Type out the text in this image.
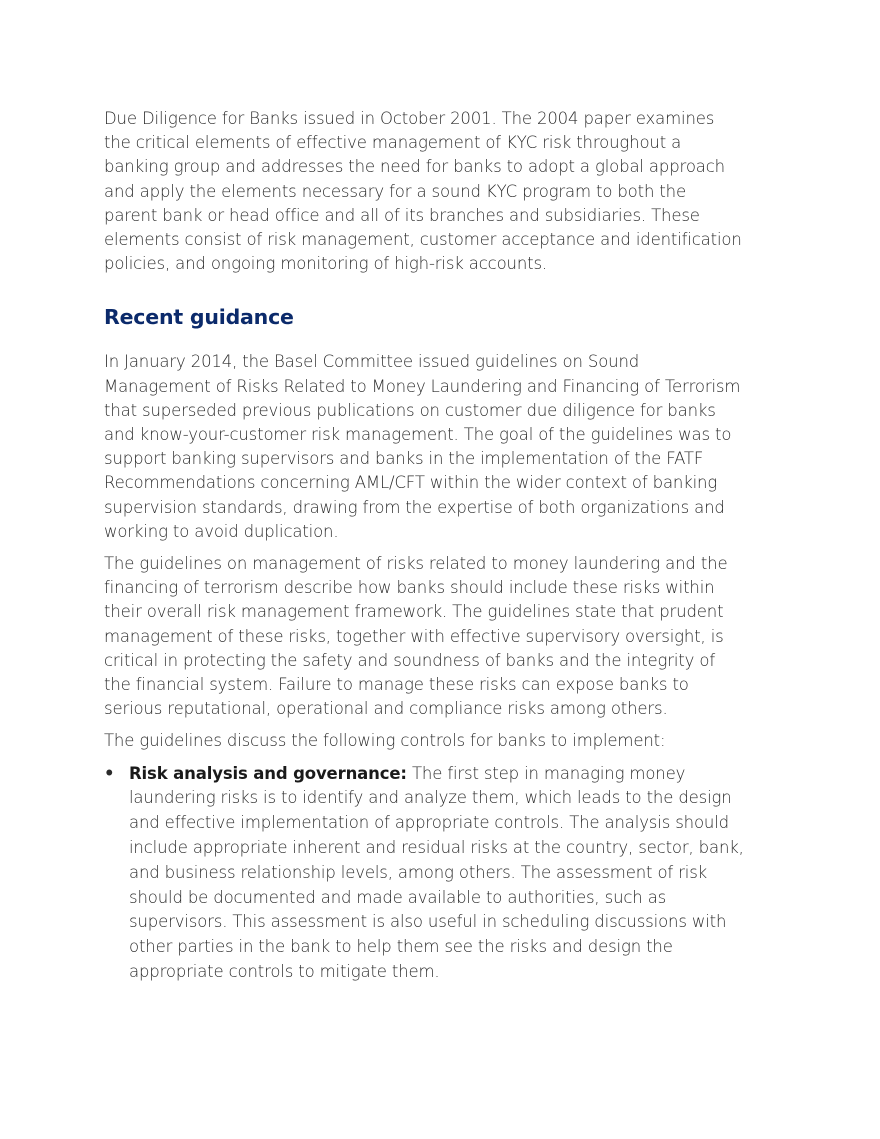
Due Diligence for Banks issued in October 2001. The 2004 paper examines the critical elements of effective management of KYC risk throughout a banking group and addresses the need for banks to adopt a global approach and apply the elements necessary for a sound KYC program to both the parent bank or head office and all of its branches and subsidiaries. These elements consist of risk management, customer acceptance and identification policies, and ongoing monitoring of high-risk accounts.

Recent guidance

In January 2014, the Basel Committee issued guidelines on Sound Management of Risks Related to Money Laundering and Financing of Terrorism that superseded previous publications on customer due diligence for banks and know-your-customer risk management. The goal of the guidelines was to support banking supervisors and banks in the implementation of the FATF Recommendations concerning AML/CFT within the wider context of banking supervision standards, drawing from the expertise of both organizations and working to avoid duplication.

The guidelines on management of risks related to money laundering and the financing of terrorism describe how banks should include these risks within their overall risk management framework. The guidelines state that prudent management of these risks, together with effective supervisory oversight, is critical in protecting the safety and soundness of banks and the integrity of the financial system. Failure to manage these risks can expose banks to serious reputational, operational and compliance risks among others.

The guidelines discuss the following controls for banks to implement:

• Risk analysis and governance: The first step in managing money laundering risks is to identify and analyze them, which leads to the design and effective implementation of appropriate controls. The analysis should include appropriate inherent and residual risks at the country, sector, bank, and business relationship levels, among others. The assessment of risk should be documented and made available to authorities, such as supervisors. This assessment is also useful in scheduling discussions with other parties in the bank to help them see the risks and design the appropriate controls to mitigate them.
